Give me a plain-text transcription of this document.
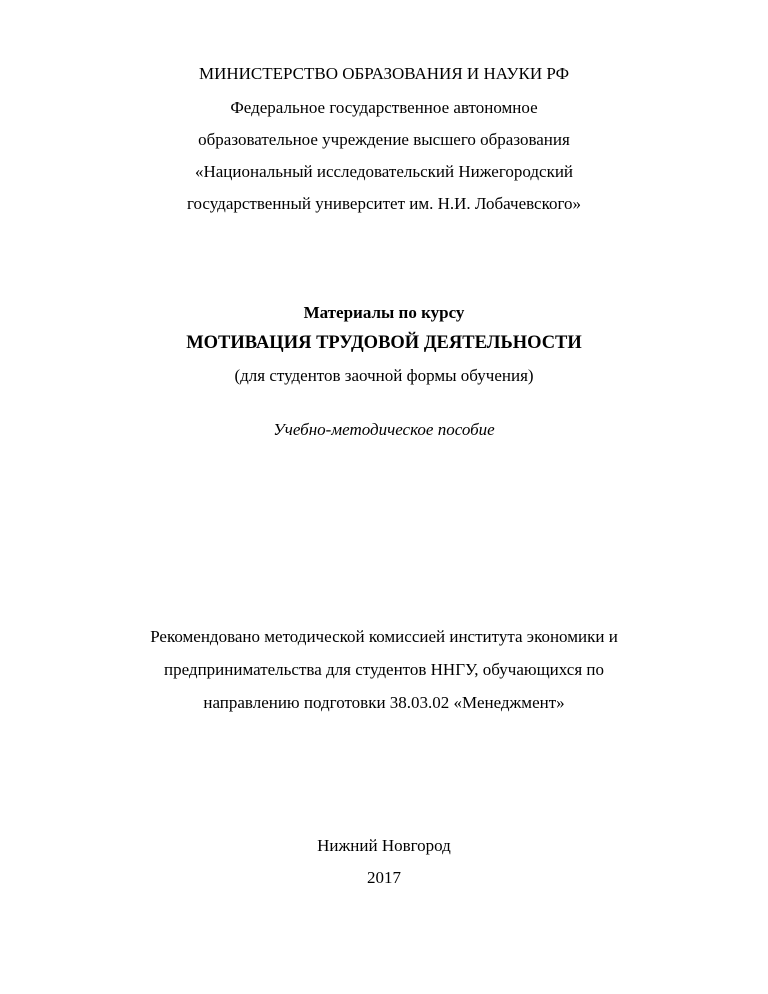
МИНИСТЕРСТВО ОБРАЗОВАНИЯ И НАУКИ РФ
Федеральное государственное автономное
образовательное учреждение высшего образования
«Национальный исследовательский Нижегородский
государственный университет им. Н.И. Лобачевского»
Материалы по курсу
МОТИВАЦИЯ ТРУДОВОЙ ДЕЯТЕЛЬНОСТИ
(для студентов заочной формы обучения)
Учебно-методическое пособие
Рекомендовано методической комиссией института экономики и
предпринимательства для студентов ННГУ, обучающихся по
направлению подготовки 38.03.02 «Менеджмент»
Нижний Новгород
2017
